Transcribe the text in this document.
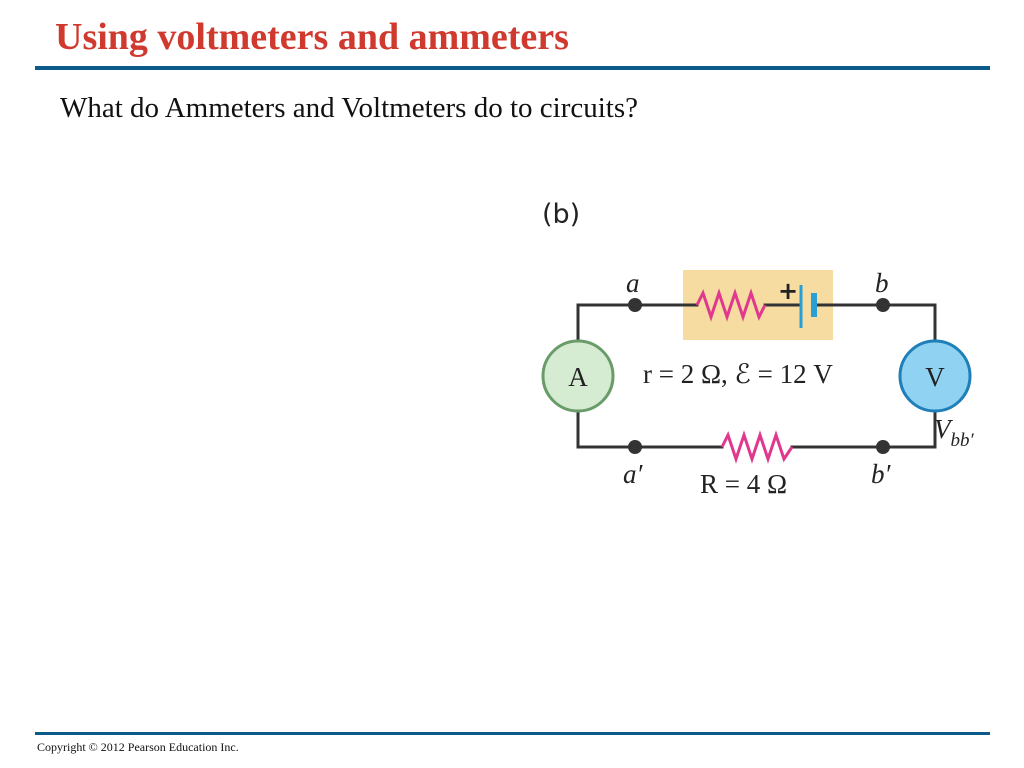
Using voltmeters and ammeters
What do Ammeters and Voltmeters do to circuits?
(b)
+
a	b
a′	b′
A	V
r = 2 Ω, ℰ = 12 V
$V_{bb'}$
R = 4 Ω
Copyright © 2012 Pearson Education Inc.
